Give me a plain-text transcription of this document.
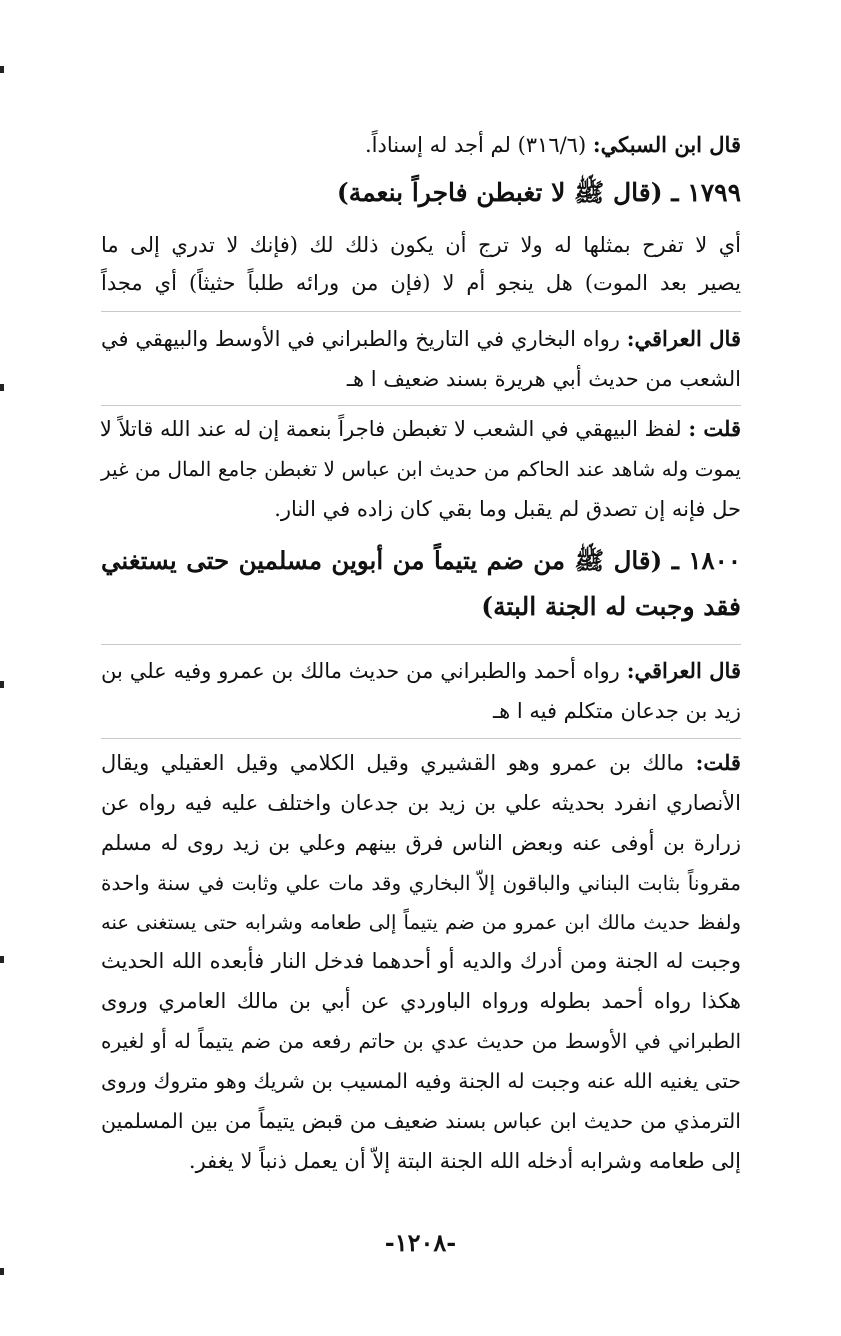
قال ابن السبكي: (٣١٦/٦) لم أجد له إسناداً.
١٧٩٩ ـ (قال ﷺ لا تغبطن فاجراً بنعمة)
أي لا تفرح بمثلها له ولا ترج أن يكون ذلك لك (فإنك لا تدري إلى ما
يصير بعد الموت) هل ينجو أم لا (فإن من ورائه طلباً حثيثاً) أي مجداً
قال العراقي: رواه البخاري في التاريخ والطبراني في الأوسط والبيهقي في
الشعب من حديث أبي هريرة بسند ضعيف ا هـ
قلت : لفظ البيهقي في الشعب لا تغبطن فاجراً بنعمة إن له عند الله قاتلاً لا
يموت وله شاهد عند الحاكم من حديث ابن عباس لا تغبطن جامع المال من غير
حل فإنه إن تصدق لم يقبل وما بقي كان زاده في النار.
١٨٠٠ ـ (قال ﷺ من ضم يتيماً من أبوين مسلمين حتى يستغني
فقد وجبت له الجنة البتة)
قال العراقي: رواه أحمد والطبراني من حديث مالك بن عمرو وفيه علي بن
زيد بن جدعان متكلم فيه ا هـ
قلت: مالك بن عمرو وهو القشيري وقيل الكلامي وقيل العقيلي ويقال
الأنصاري انفرد بحديثه علي بن زيد بن جدعان واختلف عليه فيه رواه عن
زرارة بن أوفى عنه وبعض الناس فرق بينهم وعلي بن زيد روى له مسلم
مقروناً بثابت البناني والباقون إلاّ البخاري وقد مات علي وثابت في سنة واحدة
ولفظ حديث مالك ابن عمرو من ضم يتيماً إلى طعامه وشرابه حتى يستغنى عنه
وجبت له الجنة ومن أدرك والديه أو أحدهما فدخل النار فأبعده الله الحديث
هكذا رواه أحمد بطوله ورواه الباوردي عن أبي بن مالك العامري وروى
الطبراني في الأوسط من حديث عدي بن حاتم رفعه من ضم يتيماً له أو لغيره
حتى يغنيه الله عنه وجبت له الجنة وفيه المسيب بن شريك وهو متروك وروى
الترمذي من حديث ابن عباس بسند ضعيف من قبض يتيماً من بين المسلمين
إلى طعامه وشرابه أدخله الله الجنة البتة إلاّ أن يعمل ذنباً لا يغفر.
-١٢٠٨-
